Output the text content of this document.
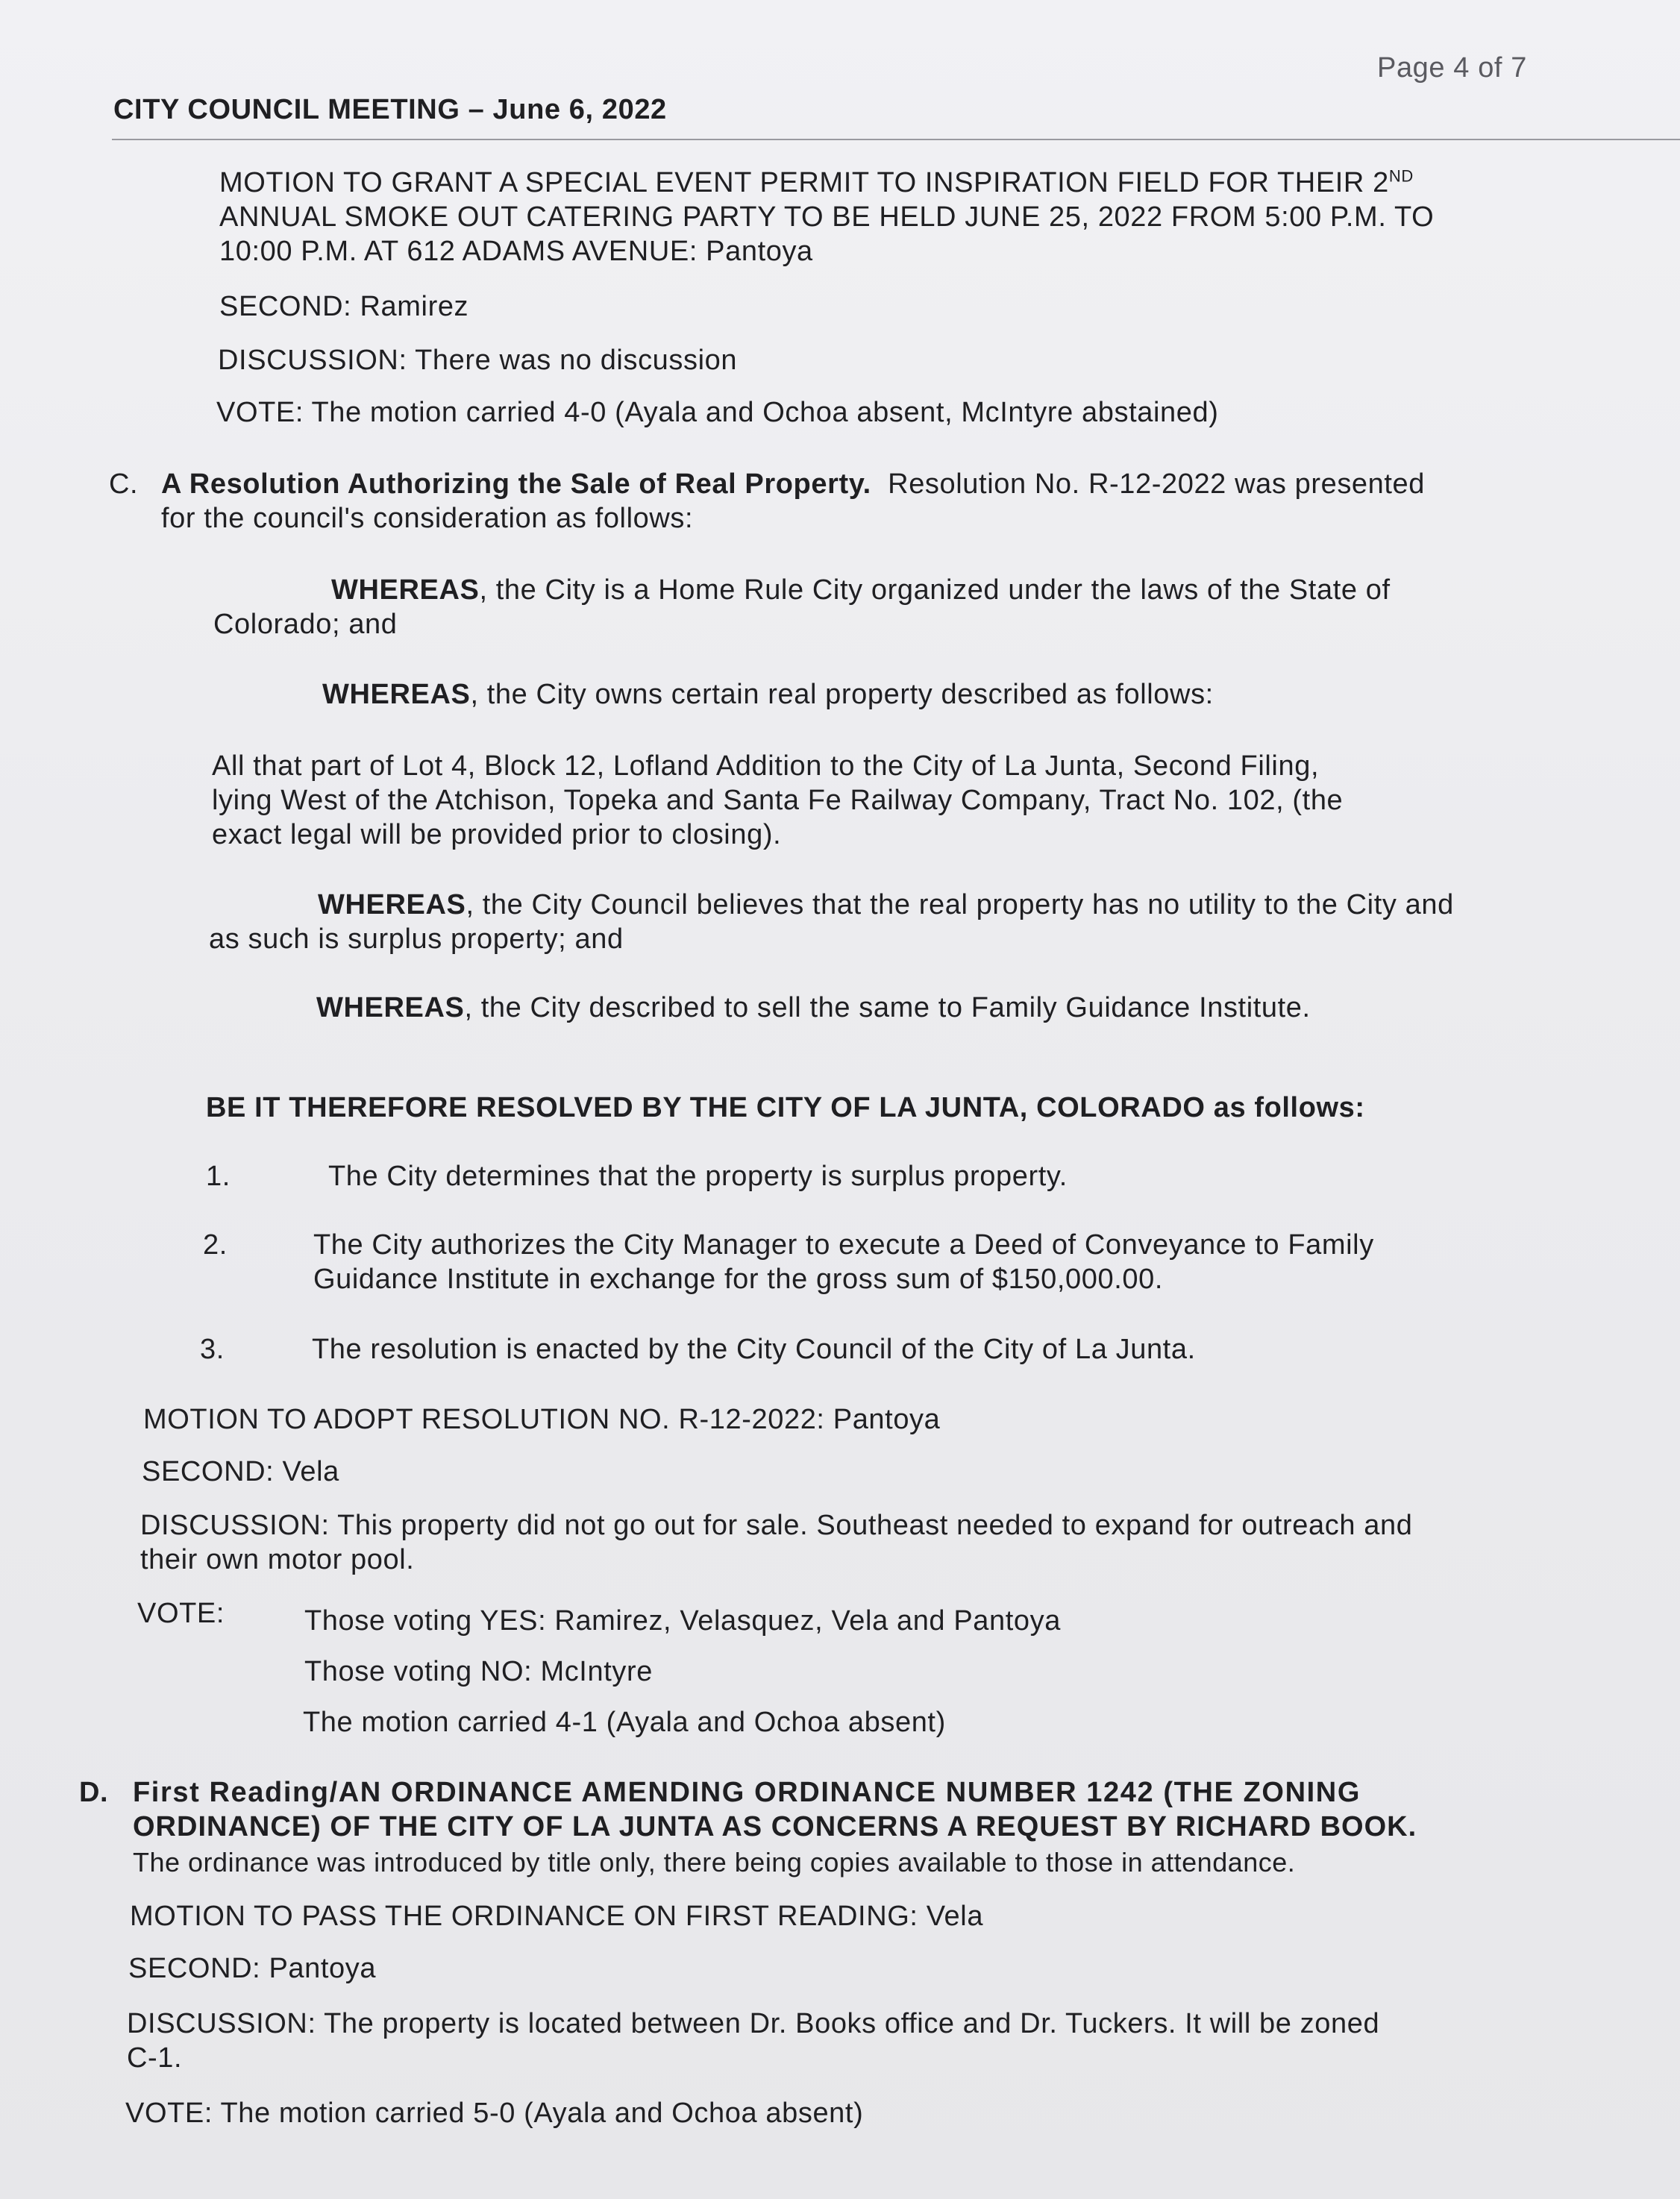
Page 4 of 7
CITY COUNCIL MEETING – June 6, 2022
MOTION TO GRANT A SPECIAL EVENT PERMIT TO INSPIRATION FIELD FOR THEIR 2ND
ANNUAL SMOKE OUT CATERING PARTY TO BE HELD JUNE 25, 2022 FROM 5:00 P.M. TO
10:00 P.M. AT 612 ADAMS AVENUE: Pantoya
SECOND: Ramirez
DISCUSSION: There was no discussion
VOTE: The motion carried 4-0 (Ayala and Ochoa absent, McIntyre abstained)
C. A Resolution Authorizing the Sale of Real Property. Resolution No. R-12-2022 was presented
for the council's consideration as follows:
WHEREAS, the City is a Home Rule City organized under the laws of the State of
Colorado; and
WHEREAS, the City owns certain real property described as follows:
All that part of Lot 4, Block 12, Lofland Addition to the City of La Junta, Second Filing,
lying West of the Atchison, Topeka and Santa Fe Railway Company, Tract No. 102, (the
exact legal will be provided prior to closing).
WHEREAS, the City Council believes that the real property has no utility to the City and
as such is surplus property; and
WHEREAS, the City described to sell the same to Family Guidance Institute.
BE IT THEREFORE RESOLVED BY THE CITY OF LA JUNTA, COLORADO as follows:
1.	The City determines that the property is surplus property.
2.	The City authorizes the City Manager to execute a Deed of Conveyance to Family
Guidance Institute in exchange for the gross sum of $150,000.00.
3.	The resolution is enacted by the City Council of the City of La Junta.
MOTION TO ADOPT RESOLUTION NO. R-12-2022: Pantoya
SECOND: Vela
DISCUSSION: This property did not go out for sale. Southeast needed to expand for outreach and
their own motor pool.
VOTE:	Those voting YES: Ramirez, Velasquez, Vela and Pantoya
Those voting NO: McIntyre
The motion carried 4-1 (Ayala and Ochoa absent)
D. First Reading/AN ORDINANCE AMENDING ORDINANCE NUMBER 1242 (THE ZONING
ORDINANCE) OF THE CITY OF LA JUNTA AS CONCERNS A REQUEST BY RICHARD BOOK.
The ordinance was introduced by title only, there being copies available to those in attendance.
MOTION TO PASS THE ORDINANCE ON FIRST READING: Vela
SECOND: Pantoya
DISCUSSION: The property is located between Dr. Books office and Dr. Tuckers. It will be zoned
C-1.
VOTE: The motion carried 5-0 (Ayala and Ochoa absent)
